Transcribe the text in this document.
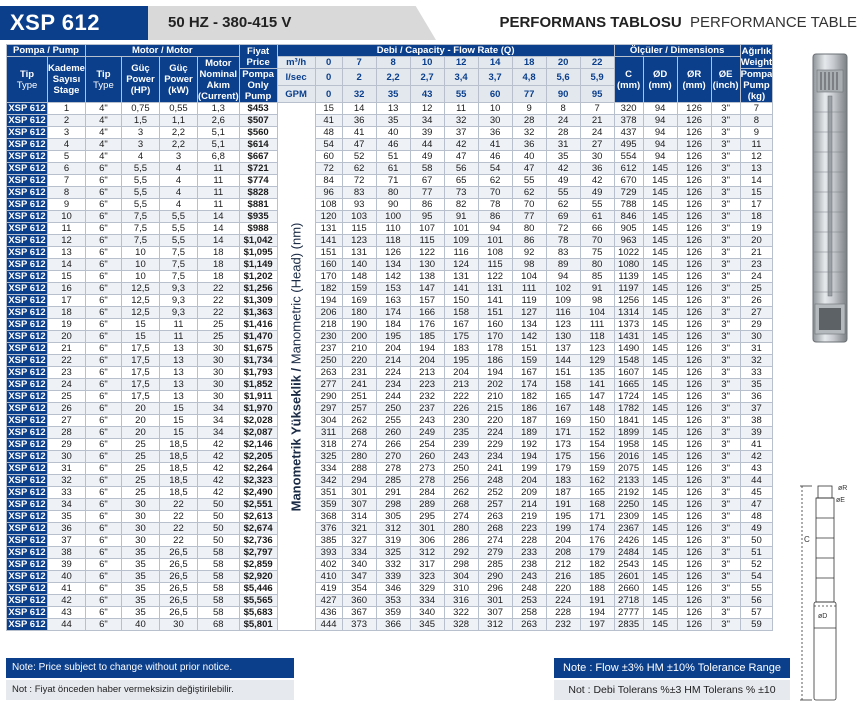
XSP 612	50 HZ - 380-415 V	PERFORMANS TABLOSU PERFORMANCE TABLE
Pompa / Pump		Motor / Motor				Fiyat Price	Debi / Capacity - Flow Rate (Q)										Ölçüler / Dimensions				Ağırlık Weight
Tip
Type	Kademe Sayısı Stage	Tip
Type	Güç Power (HP)	Güç Power (kW)	Motor Nominal Akım (Current)		m³/h	0	7	8	10	12	14	18	20	22	C (mm)	ØD (mm)	ØR (mm)	ØE (inch)	
						Pompa Only Pump	l/sec	0	2	2,2	2,7	3,4	3,7	4,8	5,6	5,9					Pompa Pump (kg)
							GPM	0	32	35	43	55	60	77	90	95					
XSP 612	1	4"	0,75	0,55	1,3	$453	Manometrik Yükseklik / Manometric (Head) (nm)	15	14	13	12	11	10	9	8	7	320	94	126	3"	7
XSP 612	2	4"	1,5	1,1	2,6	$507		41	36	35	34	32	30	28	24	21	378	94	126	3"	8
XSP 612	3	4"	3	2,2	5,1	$560		48	41	40	39	37	36	32	28	24	437	94	126	3"	9
XSP 612	4	4"	3	2,2	5,1	$614		54	47	46	44	42	41	36	31	27	495	94	126	3"	11
XSP 612	5	4"	4	3	6,8	$667		60	52	51	49	47	46	40	35	30	554	94	126	3"	12
XSP 612	6	6"	5,5	4	11	$721		72	62	61	58	56	54	47	42	36	612	145	126	3"	13
XSP 612	7	6"	5,5	4	11	$774		84	72	71	67	65	62	55	49	42	670	145	126	3"	14
XSP 612	8	6"	5,5	4	11	$828		96	83	80	77	73	70	62	55	49	729	145	126	3"	15
XSP 612	9	6"	5,5	4	11	$881		108	93	90	86	82	78	70	62	55	788	145	126	3"	17
XSP 612	10	6"	7,5	5,5	14	$935		120	103	100	95	91	86	77	69	61	846	145	126	3"	18
XSP 612	11	6"	7,5	5,5	14	$988		131	115	110	107	101	94	80	72	66	905	145	126	3"	19
XSP 612	12	6"	7,5	5,5	14	$1,042		141	123	118	115	109	101	86	78	70	963	145	126	3"	20
XSP 612	13	6"	10	7,5	18	$1,095		151	131	126	122	116	108	92	83	75	1022	145	126	3"	21
XSP 612	14	6"	10	7,5	18	$1,149		160	140	134	130	124	115	98	89	80	1080	145	126	3"	23
XSP 612	15	6"	10	7,5	18	$1,202		170	148	142	138	131	122	104	94	85	1139	145	126	3"	24
XSP 612	16	6"	12,5	9,3	22	$1,256		182	159	153	147	141	131	111	102	91	1197	145	126	3"	25
XSP 612	17	6"	12,5	9,3	22	$1,309		194	169	163	157	150	141	119	109	98	1256	145	126	3"	26
XSP 612	18	6"	12,5	9,3	22	$1,363		206	180	174	166	158	151	127	116	104	1314	145	126	3"	27
XSP 612	19	6"	15	11	25	$1,416		218	190	184	176	167	160	134	123	111	1373	145	126	3"	29
XSP 612	20	6"	15	11	25	$1,470		230	200	195	185	175	170	142	130	118	1431	145	126	3"	30
XSP 612	21	6"	17,5	13	30	$1,675		237	210	204	194	183	178	151	137	123	1490	145	126	3"	31
XSP 612	22	6"	17,5	13	30	$1,734		250	220	214	204	195	186	159	144	129	1548	145	126	3"	32
XSP 612	23	6"	17,5	13	30	$1,793		263	231	224	213	204	194	167	151	135	1607	145	126	3"	33
XSP 612	24	6"	17,5	13	30	$1,852		277	241	234	223	213	202	174	158	141	1665	145	126	3"	35
XSP 612	25	6"	17,5	13	30	$1,911		290	251	244	232	222	210	182	165	147	1724	145	126	3"	36
XSP 612	26	6"	20	15	34	$1,970		297	257	250	237	226	215	186	167	148	1782	145	126	3"	37
XSP 612	27	6"	20	15	34	$2,028		304	262	255	243	230	220	187	169	150	1841	145	126	3"	38
XSP 612	28	6"	20	15	34	$2,087		311	268	260	249	235	224	189	171	152	1899	145	126	3"	39
XSP 612	29	6"	25	18,5	42	$2,146		318	274	266	254	239	229	192	173	154	1958	145	126	3"	41
XSP 612	30	6"	25	18,5	42	$2,205		325	280	270	260	243	234	194	175	156	2016	145	126	3"	42
XSP 612	31	6"	25	18,5	42	$2,264		334	288	278	273	250	241	199	179	159	2075	145	126	3"	43
XSP 612	32	6"	25	18,5	42	$2,323		342	294	285	278	256	248	204	183	162	2133	145	126	3"	44
XSP 612	33	6"	25	18,5	42	$2,490		351	301	291	284	262	252	209	187	165	2192	145	126	3"	45
XSP 612	34	6"	30	22	50	$2,551		359	307	298	289	268	257	214	191	168	2250	145	126	3"	47
XSP 612	35	6"	30	22	50	$2,613		368	314	305	295	274	263	219	195	171	2309	145	126	3"	48
XSP 612	36	6"	30	22	50	$2,674		376	321	312	301	280	268	223	199	174	2367	145	126	3"	49
XSP 612	37	6"	30	22	50	$2,736		385	327	319	306	286	274	228	204	176	2426	145	126	3"	50
XSP 612	38	6"	35	26,5	58	$2,797		393	334	325	312	292	279	233	208	179	2484	145	126	3"	51
XSP 612	39	6"	35	26,5	58	$2,859		402	340	332	317	298	285	238	212	182	2543	145	126	3"	52
XSP 612	40	6"	35	26,5	58	$2,920		410	347	339	323	304	290	243	216	185	2601	145	126	3"	54
XSP 612	41	6"	35	26,5	58	$5,446		419	354	346	329	310	296	248	220	188	2660	145	126	3"	55
XSP 612	42	6"	35	26,5	58	$5,565		427	360	353	334	316	301	253	224	191	2718	145	126	3"	56
XSP 612	43	6"	35	26,5	58	$5,683		436	367	359	340	322	307	258	228	194	2777	145	126	3"	57
XSP 612	44	6"	40	30	68	$5,801		444	373	366	345	328	312	263	232	197	2835	145	126	3"	59
øR
øE
C
øD
Note: Price subject to change without prior notice.
Not : Fiyat önceden haber vermeksizin değiştirilebilir.
Note : Flow ±3% HM ±10% Tolerance Range
Not : Debi Tolerans %±3 HM Tolerans % ±10
